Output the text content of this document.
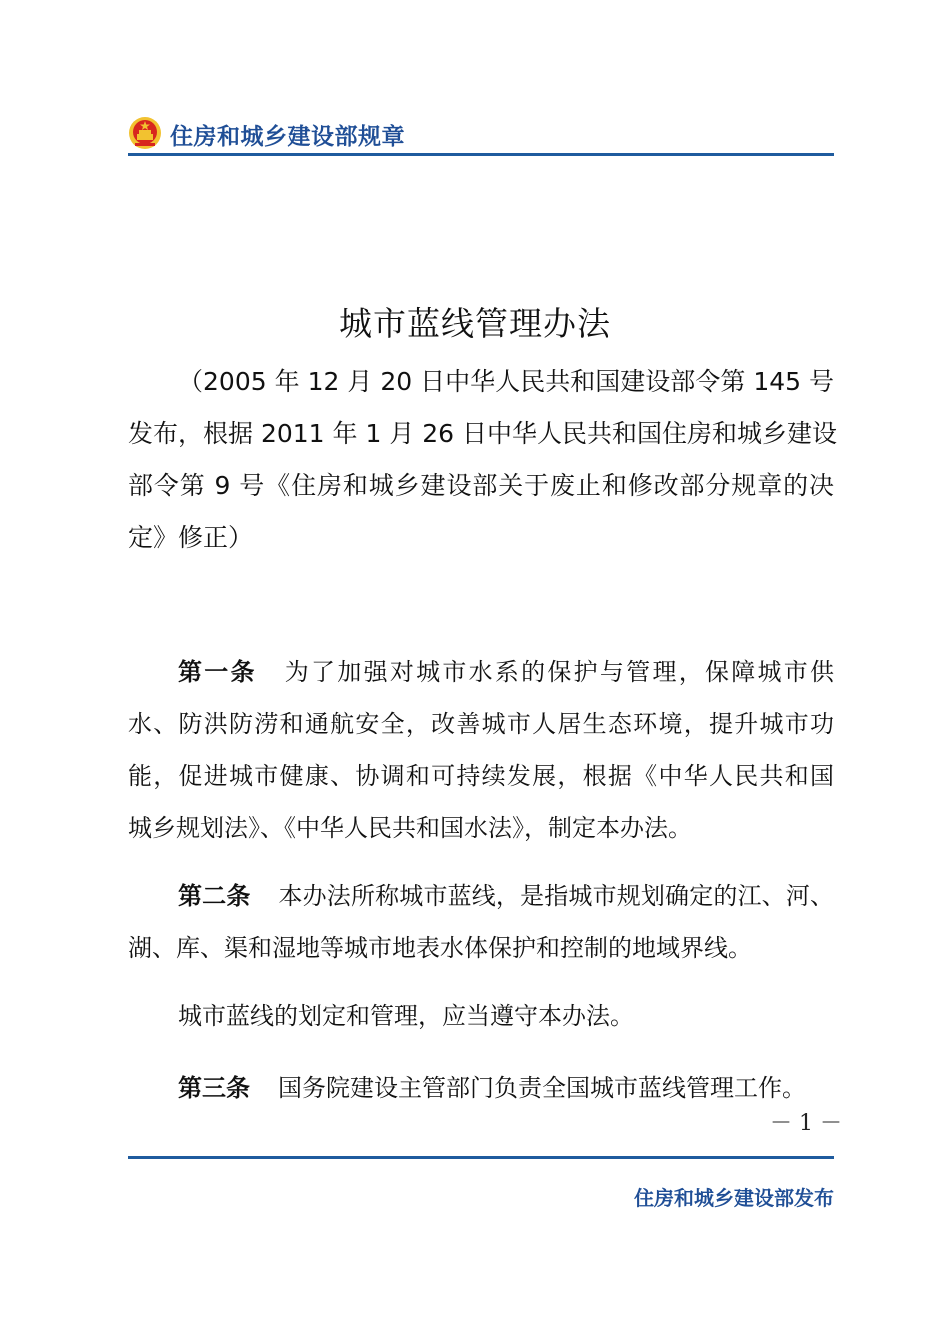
住房和城乡建设部规章
城市蓝线管理办法
（2005 年 12 月 20 日中华人民共和国建设部令第 145 号
发布，根据 2011 年 1 月 26 日中华人民共和国住房和城乡建设
部令第 9 号《住房和城乡建设部关于废止和修改部分规章的决
定》修正）
第一条 为了加强对城市水系的保护与管理，保障城市供
水、防洪防涝和通航安全，改善城市人居生态环境，提升城市功
能，促进城市健康、协调和可持续发展，根据《中华人民共和国
城乡规划法》、《中华人民共和国水法》，制定本办法。
第二条 本办法所称城市蓝线，是指城市规划确定的江、河、
湖、库、渠和湿地等城市地表水体保护和控制的地域界线。
城市蓝线的划定和管理，应当遵守本办法。
第三条 国务院建设主管部门负责全国城市蓝线管理工作。
－ 1 －
住房和城乡建设部发布
